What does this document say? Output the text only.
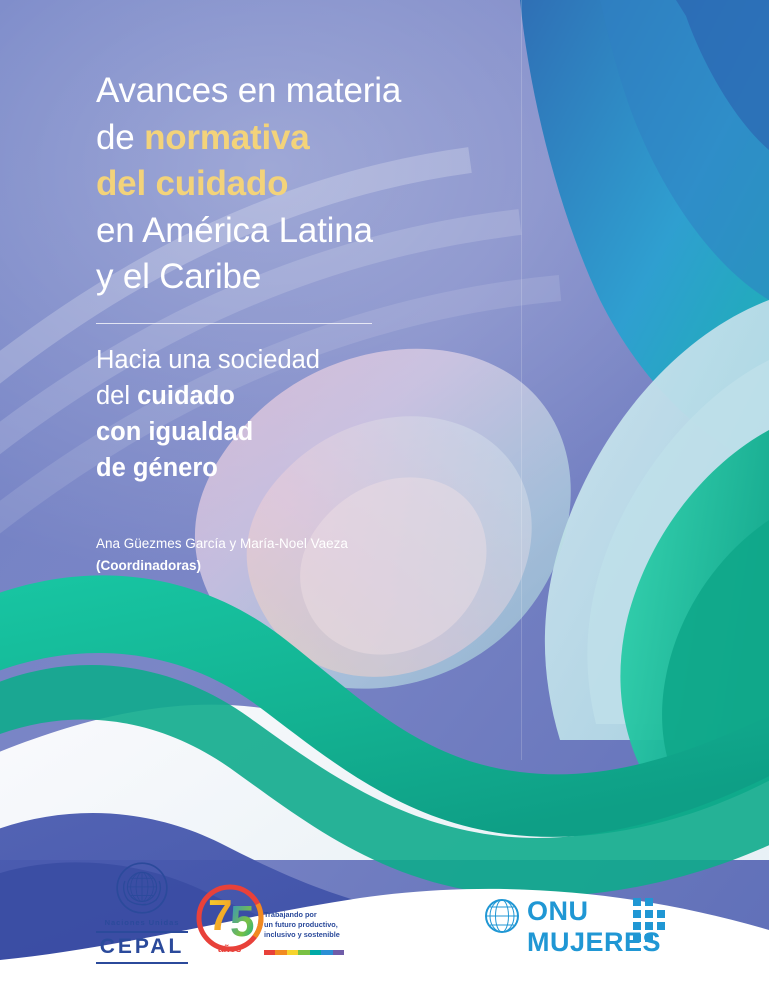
Avances en materia
de normativa
del cuidado
en América Latina
y el Caribe
Hacia una sociedad
del cuidado
con igualdad
de género
Ana Güezmes García y María-Noel Vaeza
(Coordinadoras)
Naciones Unidas
CEPAL
7
5
años
Trabajando por
un futuro productivo,
inclusivo y sostenible
ONU
MUJERES
